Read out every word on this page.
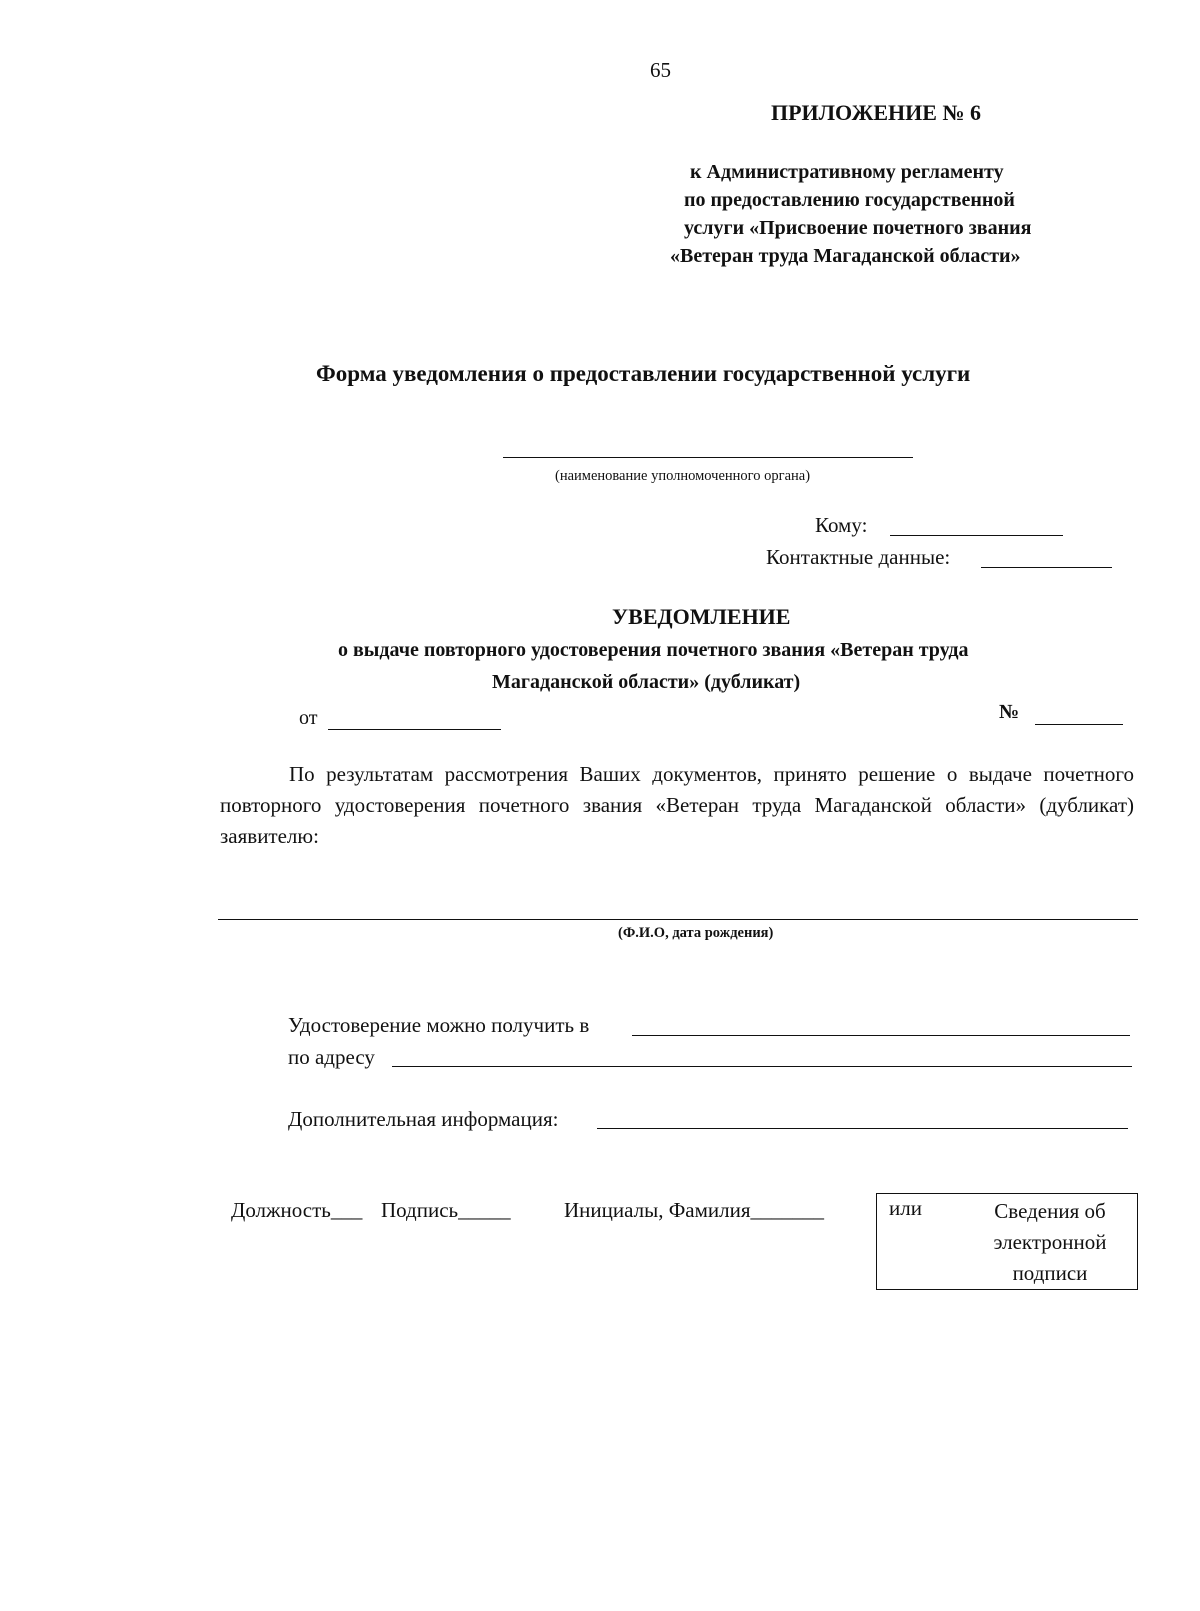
65
ПРИЛОЖЕНИЕ № 6
к Административному регламенту
по предоставлению государственной
услуги «Присвоение почетного звания
«Ветеран труда Магаданской области»
Форма уведомления о предоставлении государственной услуги
(наименование уполномоченного органа)
Кому:
Контактные данные:
УВЕДОМЛЕНИЕ
о выдаче повторного удостоверения почетного звания «Ветеран труда
Магаданской области» (дубликат)
от	№
По результатам рассмотрения Ваших документов, принято решение о выдаче почетного повторного удостоверения почетного звания «Ветеран труда Магаданской области» (дубликат) заявителю:
(Ф.И.О, дата рождения)
Удостоверение можно получить в
по адресу
Дополнительная информация:
Должность___ Подпись_____	Инициалы, Фамилия_______	или	Сведения об
электронной
подписи
